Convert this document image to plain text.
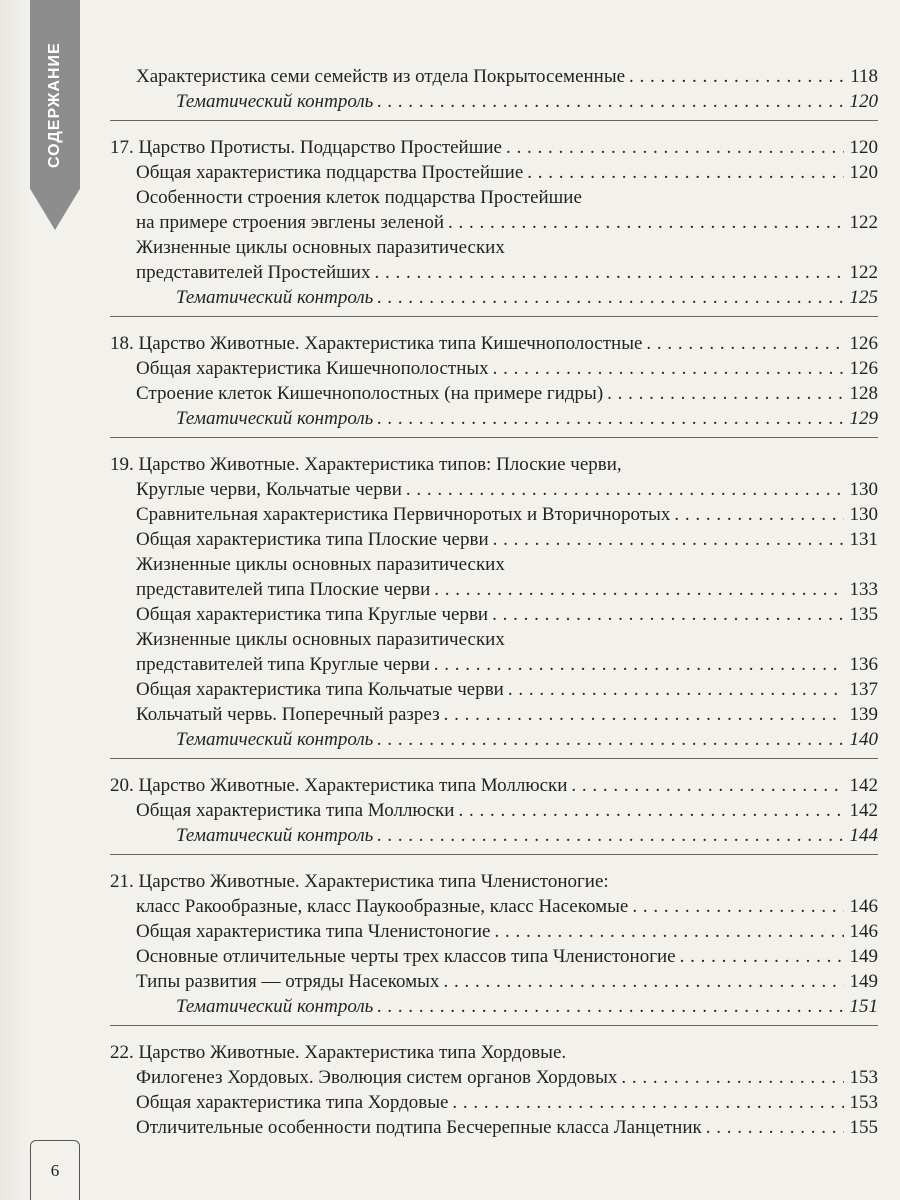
СОДЕРЖАНИЕ	Характеристика семи семейств из отдела Покрытосеменные . . .	118
Тематический контроль . . .	120
17. Царство Протисты. Подцарство Простейшие . . .	120
Общая характеристика подцарства Простейшие . . .	120
Особенности строения клеток подцарства Простейшие
на примере строения эвглены зеленой . . .	122
Жизненные циклы основных паразитических
представителей Простейших . . .	122
Тематический контроль . . .	125
18. Царство Животные. Характеристика типа Кишечнополостные . . .	126
Общая характеристика Кишечнополостных . . .	126
Строение клеток Кишечнополостных (на примере гидры) . . .	128
Тематический контроль . . .	129
19. Царство Животные. Характеристика типов: Плоские черви,
Круглые черви, Кольчатые черви . . .	130
Сравнительная характеристика Первичноротых и Вторичноротых . . .	130
Общая характеристика типа Плоские черви . . .	131
Жизненные циклы основных паразитических
представителей типа Плоские черви . . .	133
Общая характеристика типа Круглые черви . . .	135
Жизненные циклы основных паразитических
представителей типа Круглые черви . . .	136
Общая характеристика типа Кольчатые черви . . .	137
Кольчатый червь. Поперечный разрез . . .	139
Тематический контроль . . .	140
20. Царство Животные. Характеристика типа Моллюски . . .	142
Общая характеристика типа Моллюски . . .	142
Тематический контроль . . .	144
21. Царство Животные. Характеристика типа Членистоногие:
класс Ракообразные, класс Паукообразные, класс Насекомые . . .	146
Общая характеристика типа Членистоногие . . .	146
Основные отличительные черты трех классов типа Членистоногие . . .	149
Типы развития — отряды Насекомых . . .	149
Тематический контроль . . .	151
22. Царство Животные. Характеристика типа Хордовые.
Филогенез Хордовых. Эволюция систем органов Хордовых . . .	153
Общая характеристика типа Хордовые . . .	153
Отличительные особенности подтипа Бесчерепные класса Ланцетник . . .	155
6
